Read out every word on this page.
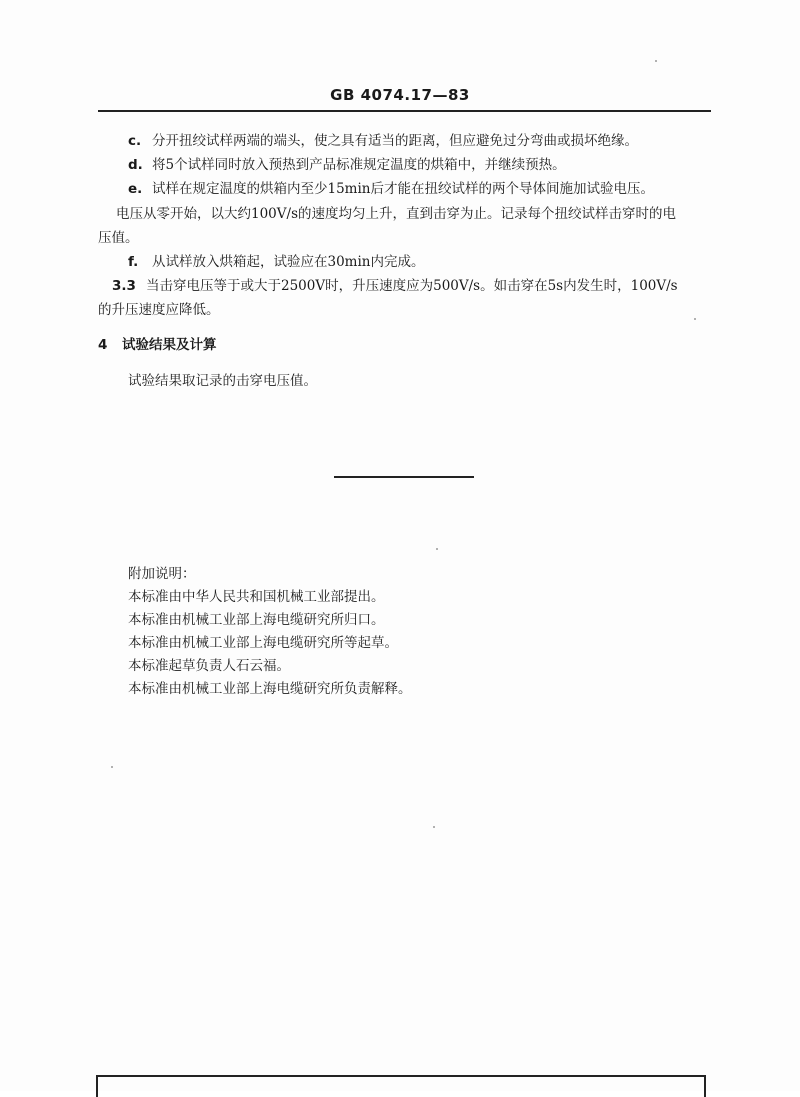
GB 4074.17—83
c. 分开扭绞试样两端的端头，使之具有适当的距离，但应避免过分弯曲或损坏绝缘。
d. 将5个试样同时放入预热到产品标准规定温度的烘箱中，并继续预热。
e. 试样在规定温度的烘箱内至少15min后才能在扭绞试样的两个导体间施加试验电压。
电压从零开始，以大约100V/s的速度均匀上升，直到击穿为止。记录每个扭绞试样击穿时的电
压值。
f. 从试样放入烘箱起，试验应在30min内完成。
3.3 当击穿电压等于或大于2500V时，升压速度应为500V/s。如击穿在5s内发生时，100V/s
的升压速度应降低。
4 试验结果及计算
试验结果取记录的击穿电压值。
附加说明：
本标准由中华人民共和国机械工业部提出。
本标准由机械工业部上海电缆研究所归口。
本标准由机械工业部上海电缆研究所等起草。
本标准起草负责人石云福。
本标准由机械工业部上海电缆研究所负责解释。
